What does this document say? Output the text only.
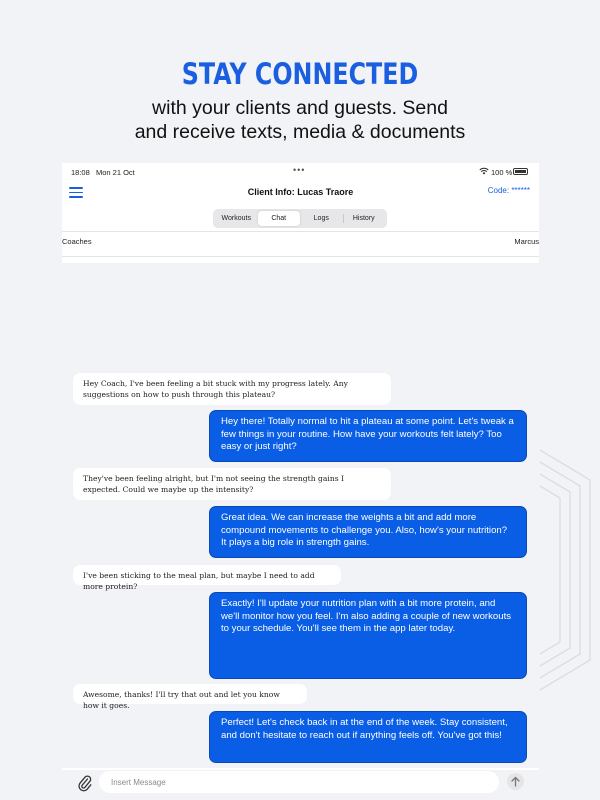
STAY CONNECTED
with your clients and guests. Send
and receive texts, media & documents
18:08 Mon 21 Oct	•••	100 %
Client Info: Lucas Traore	Code: ******
Workouts	Chat	Logs	History
Coaches	Marcus
Hey Coach, I've been feeling a bit stuck with my progress lately. Any suggestions on how to push through this plateau?
Hey there! Totally normal to hit a plateau at some point. Let's tweak a few things in your routine. How have your workouts felt lately? Too easy or just right?
They've been feeling alright, but I'm not seeing the strength gains I expected. Could we maybe up the intensity?
Great idea. We can increase the weights a bit and add more compound movements to challenge you. Also, how's your nutrition? It plays a big role in strength gains.
I've been sticking to the meal plan, but maybe I need to add more protein?
Exactly! I'll update your nutrition plan with a bit more protein, and we'll monitor how you feel. I'm also adding a couple of new workouts to your schedule. You'll see them in the app later today.
Awesome, thanks! I'll try that out and let you know how it goes.
Perfect! Let's check back in at the end of the week. Stay consistent, and don't hesitate to reach out if anything feels off. You've got this!
Insert Message
